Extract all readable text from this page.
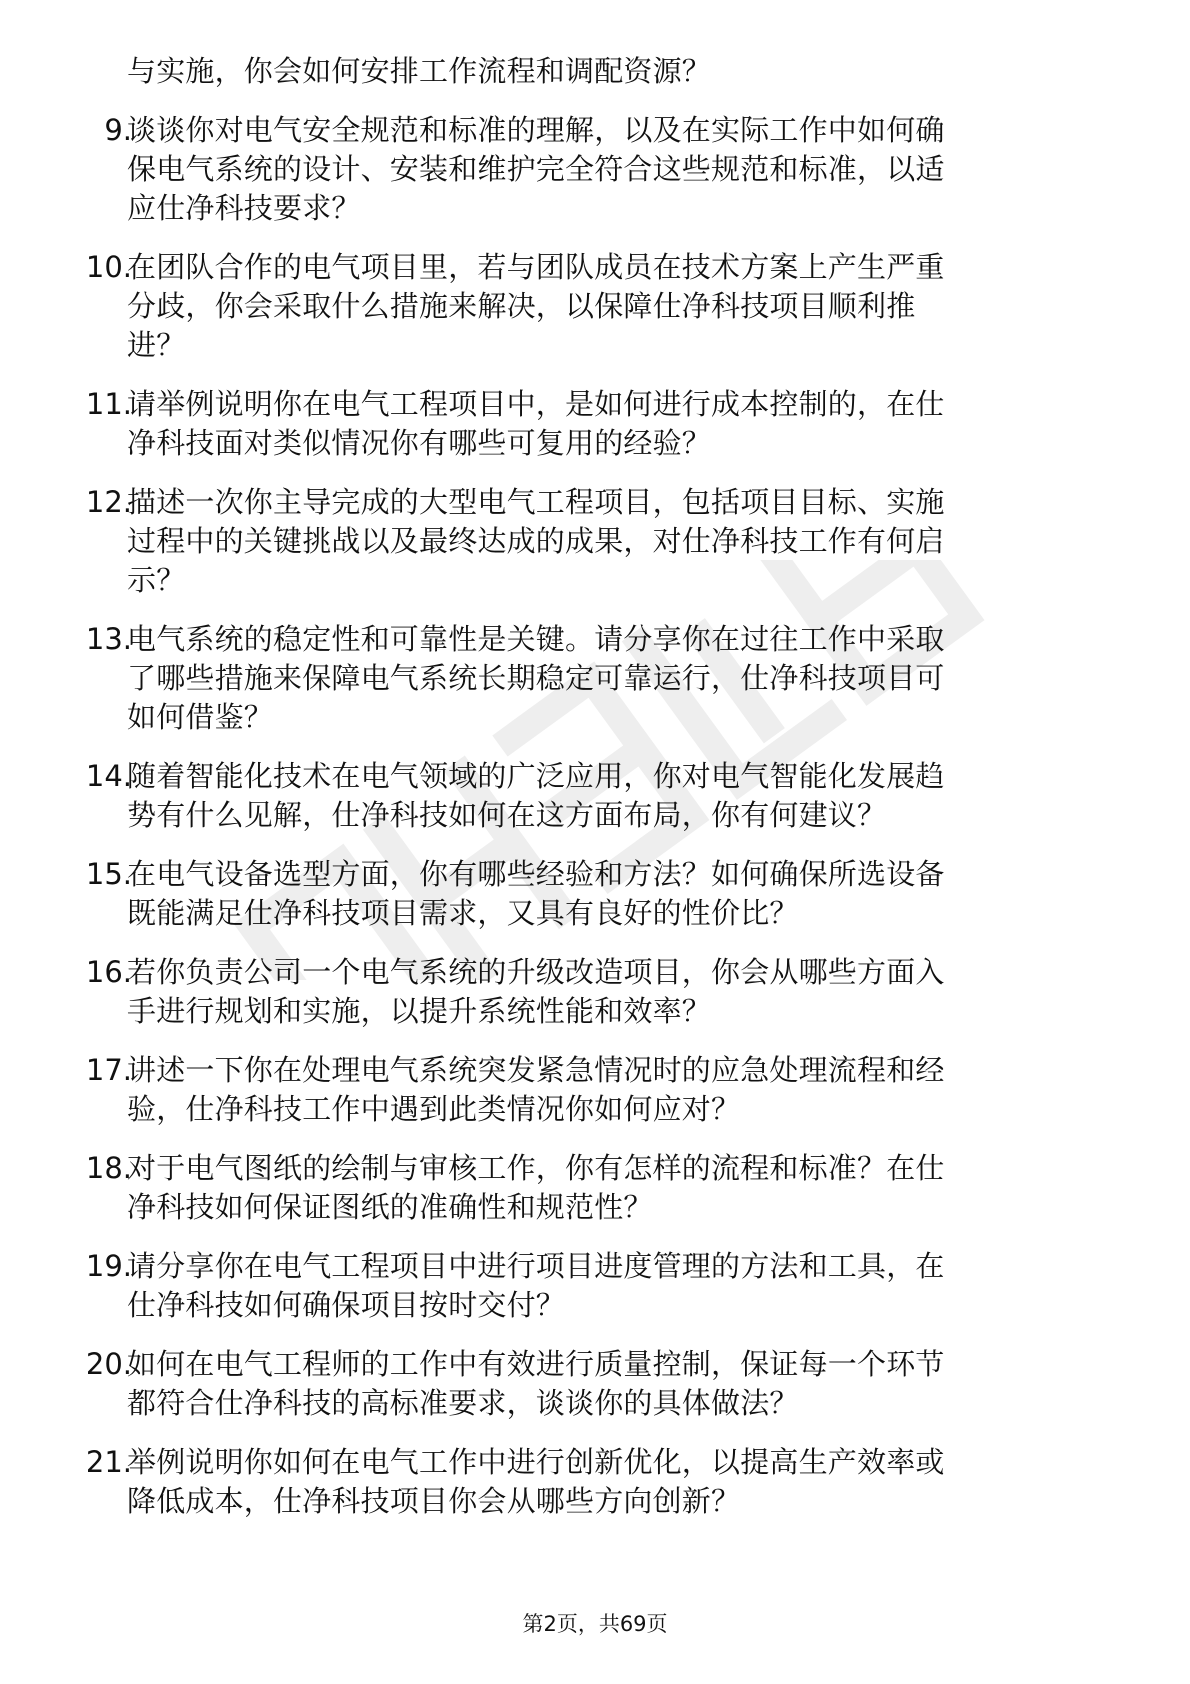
与实施，你会如何安排工作流程和调配资源？
9.
谈谈你对电气安全规范和标准的理解，以及在实际工作中如何确
保电气系统的设计、安装和维护完全符合这些规范和标准，以适
应仕净科技要求？
10.
在团队合作的电气项目里，若与团队成员在技术方案上产生严重
分歧，你会采取什么措施来解决，以保障仕净科技项目顺利推
进？
11.
请举例说明你在电气工程项目中，是如何进行成本控制的，在仕
净科技面对类似情况你有哪些可复用的经验？
12.
描述一次你主导完成的大型电气工程项目，包括项目目标、实施
过程中的关键挑战以及最终达成的成果，对仕净科技工作有何启
示？
13.
电气系统的稳定性和可靠性是关键。请分享你在过往工作中采取
了哪些措施来保障电气系统长期稳定可靠运行，仕净科技项目可
如何借鉴？
14.
随着智能化技术在电气领域的广泛应用，你对电气智能化发展趋
势有什么见解，仕净科技如何在这方面布局，你有何建议？
15.
在电气设备选型方面，你有哪些经验和方法？如何确保所选设备
既能满足仕净科技项目需求，又具有良好的性价比？
16.
若你负责公司一个电气系统的升级改造项目，你会从哪些方面入
手进行规划和实施，以提升系统性能和效率？
17.
讲述一下你在处理电气系统突发紧急情况时的应急处理流程和经
验，仕净科技工作中遇到此类情况你如何应对？
18.
对于电气图纸的绘制与审核工作，你有怎样的流程和标准？在仕
净科技如何保证图纸的准确性和规范性？
19.
请分享你在电气工程项目中进行项目进度管理的方法和工具，在
仕净科技如何确保项目按时交付？
20.
如何在电气工程师的工作中有效进行质量控制，保证每一个环节
都符合仕净科技的高标准要求，谈谈你的具体做法？
21.
举例说明你如何在电气工作中进行创新优化，以提高生产效率或
降低成本，仕净科技项目你会从哪些方向创新？
第2页，共69页
